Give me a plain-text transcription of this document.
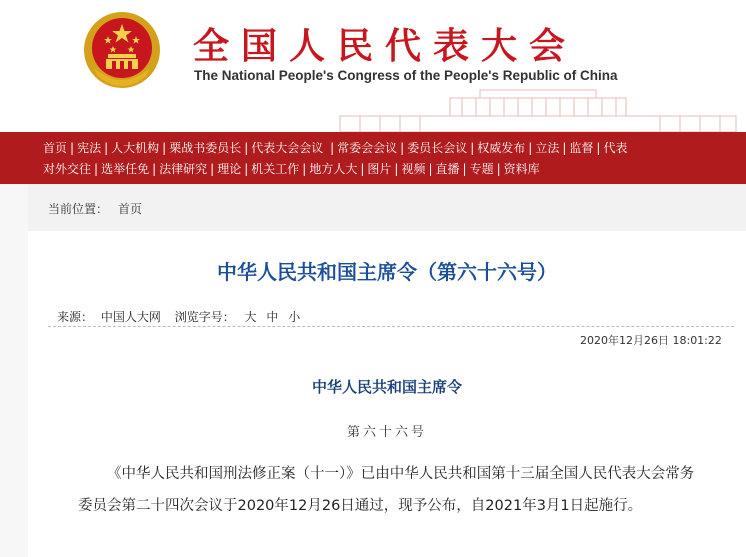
全国人民代表大会
The National People's Congress of the People's Republic of China
首页 | 宪法 | 人大机构 | 栗战书委员长 | 代表大会会议 | 常委会会议 | 委员长会议 | 权威发布 | 立法 | 监督 | 代表
对外交往 | 选举任免 | 法律研究 | 理论 | 机关工作 | 地方人大 | 图片 | 视频 | 直播 | 专题 | 资料库
当前位置： 首页
中华人民共和国主席令（第六十六号）
来源： 中国人大网 浏览字号： 大 中 小
2020年12月26日 18:01:22
中华人民共和国主席令
第六十六号

《中华人民共和国刑法修正案（十一）》已由中华人民共和国第十三届全国人民代表大会常务委员会第二十四次会议于2020年12月26日通过，现予公布，自2021年3月1日起施行。
